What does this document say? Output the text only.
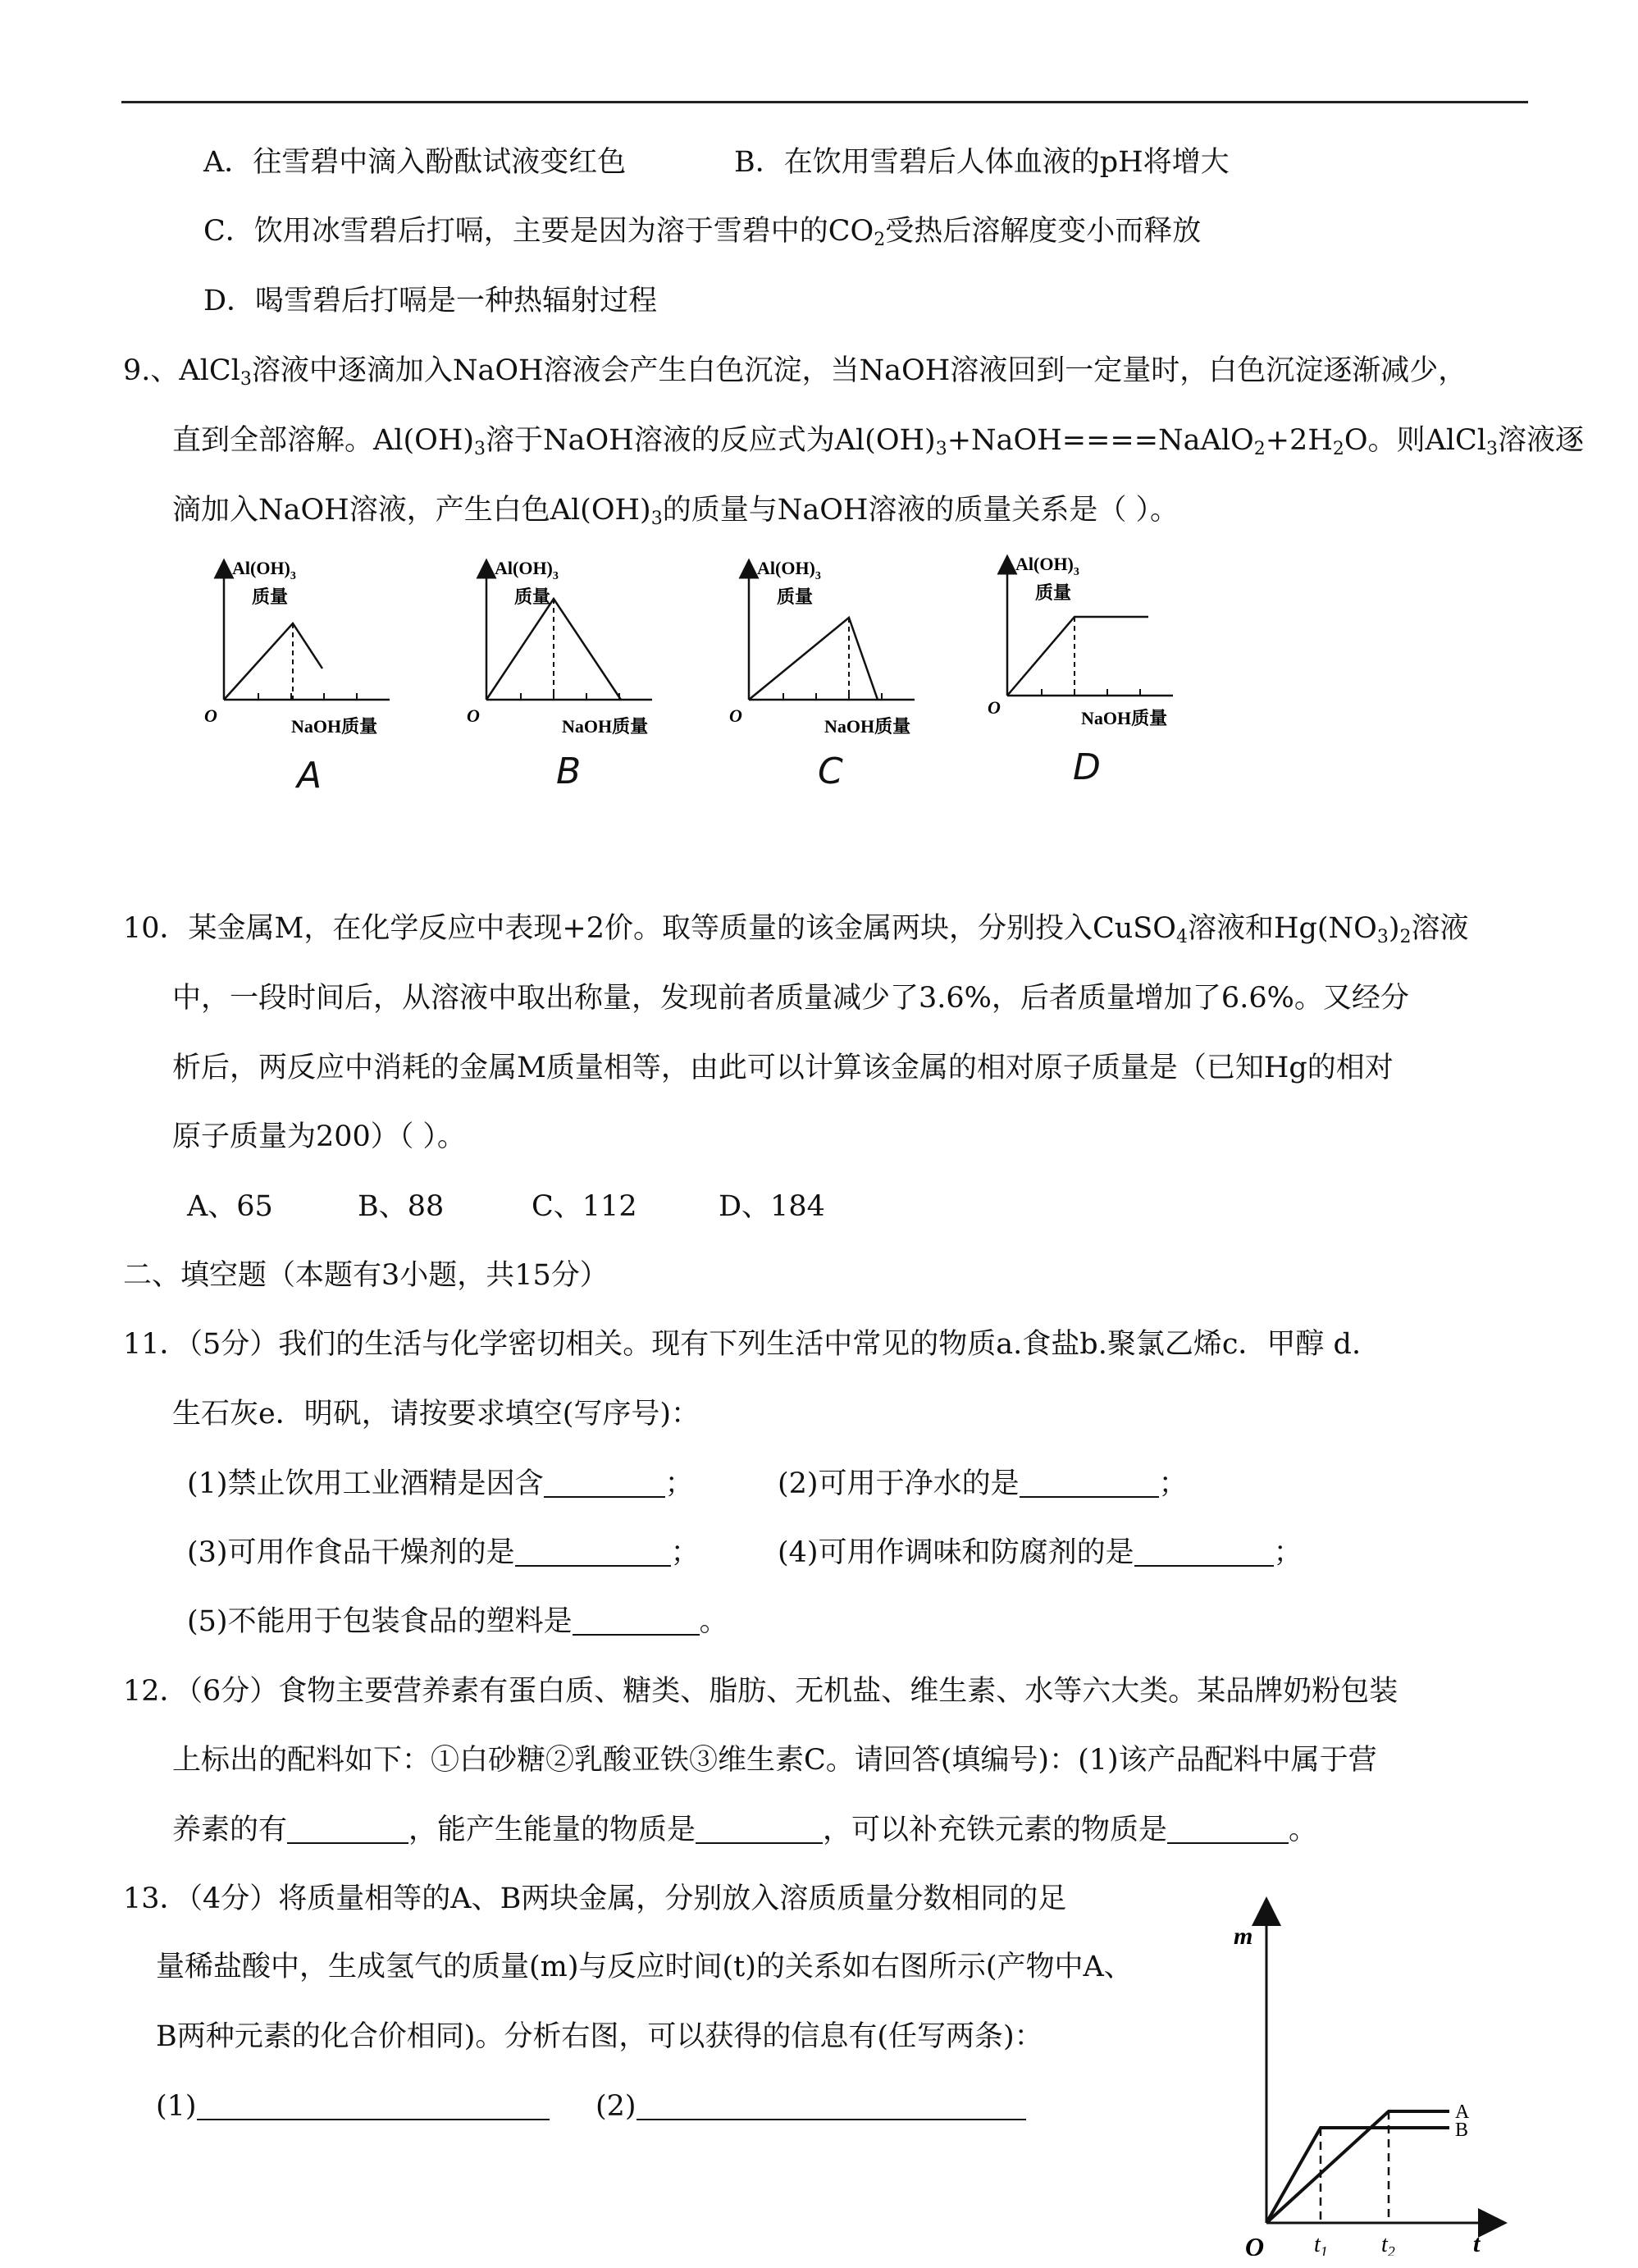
A．往雪碧中滴入酚酞试液变红色	B．在饮用雪碧后人体血液的pH将增大
C．饮用冰雪碧后打嗝，主要是因为溶于雪碧中的$CO_2$受热后溶解度变小而释放
D．喝雪碧后打嗝是一种热辐射过程
9.、AlCl$_3$溶液中逐滴加入NaOH溶液会产生白色沉淀，当NaOH溶液回到一定量时，白色沉淀逐渐减少，
直到全部溶解。$Al(OH)_3$溶于NaOH溶液的反应式为$Al(OH)_3+NaOH====NaAlO_2+2H_2O$。则AlCl$_3$溶液逐
滴加入NaOH溶液，产生白色$Al(OH)_3$的质量与NaOH溶液的质量关系是（ ）。
$Al(OH)_3$
质量
NaOH质量
O
A
$Al(OH)_3$
质量
NaOH质量
O
B
$Al(OH)_3$
质量
NaOH质量
O
C
$Al(OH)_3$
质量
NaOH质量
O
D
10．某金属M，在化学反应中表现+2价。取等质量的该金属两块，分别投入CuSO$_4$溶液和$Hg(NO_3)_2$溶液
中，一段时间后，从溶液中取出称量，发现前者质量减少了3.6%，后者质量增加了6.6%。又经分
析后，两反应中消耗的金属M质量相等，由此可以计算该金属的相对原子质量是（已知Hg的相对
原子质量为200）（ ）。
A、65	B、88	C、112	D、184
二、填空题（本题有3小题，共15分）
11．（5分）我们的生活与化学密切相关。现有下列生活中常见的物质a.食盐b.聚氯乙烯c．甲醇 d.
生石灰e．明矾，请按要求填空(写序号)：
(1)禁止饮用工业酒精是因含	；	(2)可用于净水的是	；
(3)可用作食品干燥剂的是	；	(4)可用作调味和防腐剂的是	；
(5)不能用于包装食品的塑料是	。
12．（6分）食物主要营养素有蛋白质、糖类、脂肪、无机盐、维生素、水等六大类。某品牌奶粉包装
上标出的配料如下：①白砂糖②乳酸亚铁③维生素C。请回答(填编号)：(1)该产品配料中属于营
养素的有	，能产生能量的物质是	，可以补充铁元素的物质是	。
13．（4分）将质量相等的A、B两块金属，分别放入溶质质量分数相同的足
量稀盐酸中，生成氢气的质量(m)与反应时间(t)的关系如右图所示(产物中A、
B两种元素的化合价相同)。分析右图，可以获得的信息有(任写两条)：
(1)	(2)
m
O $t_1$ $t_2$	t
A
B
